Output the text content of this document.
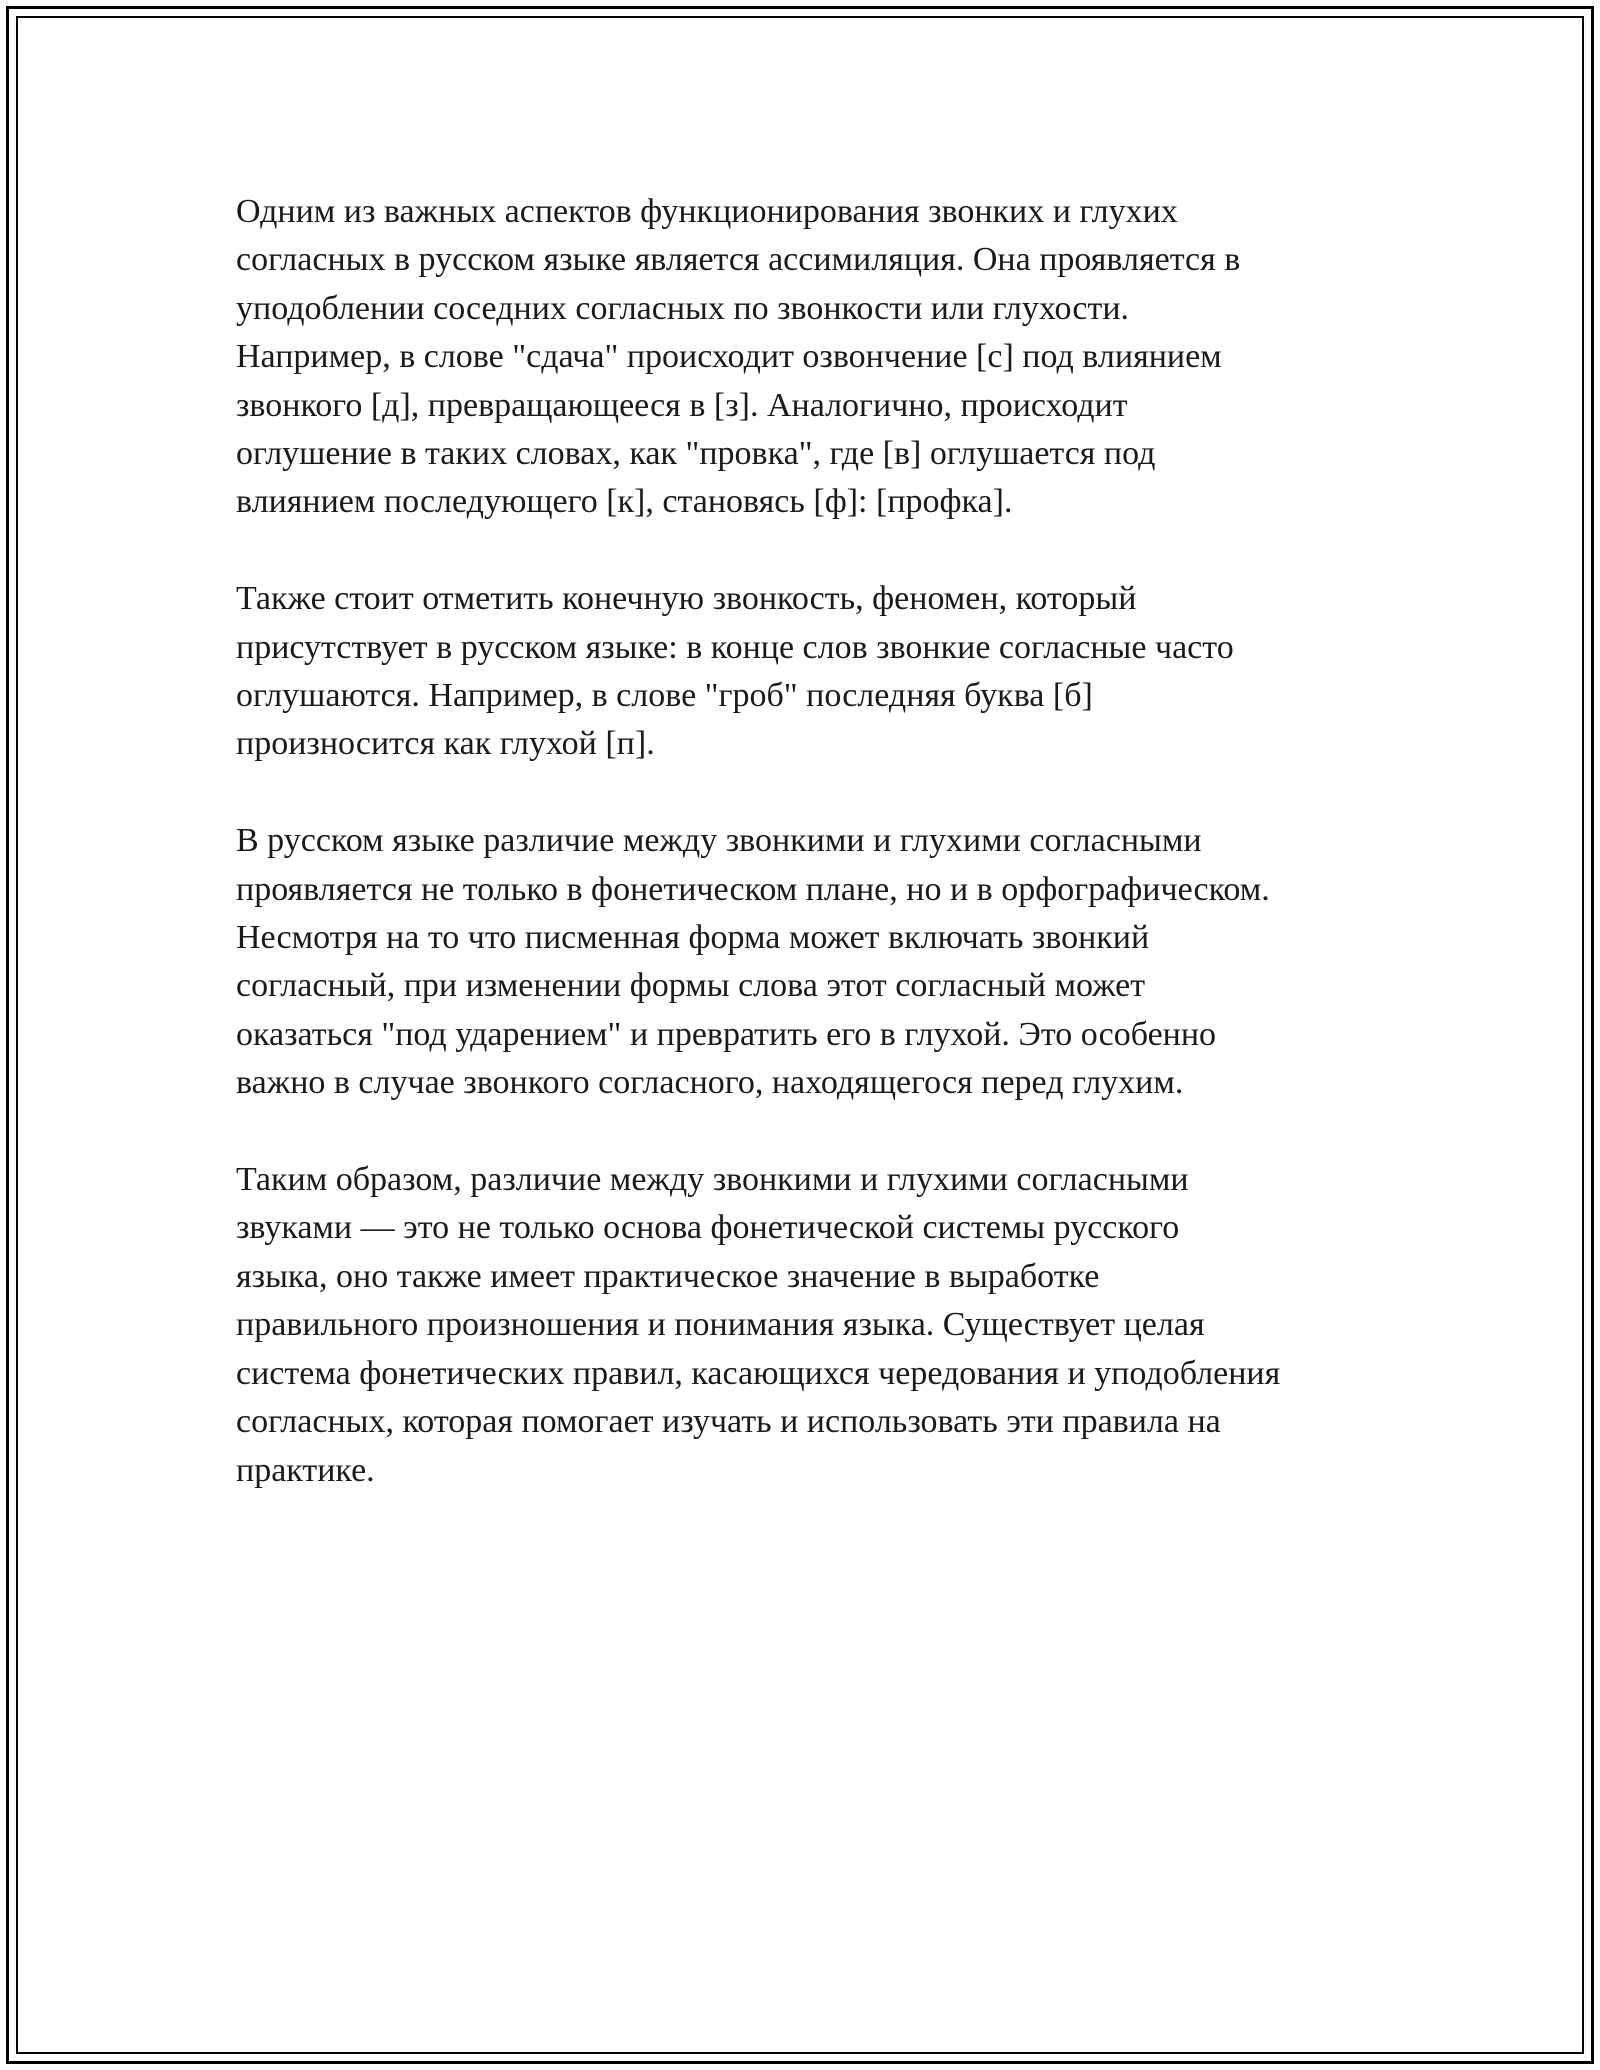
Одним из важных аспектов функционирования звонких и глухих
согласных в русском языке является ассимиляция. Она проявляется в
уподоблении соседних согласных по звонкости или глухости.
Например, в слове "сдача" происходит озвончение [с] под влиянием
звонкого [д], превращающееся в [з]. Аналогично, происходит
оглушение в таких словах, как "провка", где [в] оглушается под
влиянием последующего [к], становясь [ф]: [профка].

Также стоит отметить конечную звонкость, феномен, который
присутствует в русском языке: в конце слов звонкие согласные часто
оглушаются. Например, в слове "гроб" последняя буква [б]
произносится как глухой [п].

В русском языке различие между звонкими и глухими согласными
проявляется не только в фонетическом плане, но и в орфографическом.
Несмотря на то что писменная форма может включать звонкий
согласный, при изменении формы слова этот согласный может
оказаться "под ударением" и превратить его в глухой. Это особенно
важно в случае звонкого согласного, находящегося перед глухим.

Таким образом, различие между звонкими и глухими согласными
звуками — это не только основа фонетической системы русского
языка, оно также имеет практическое значение в выработке
правильного произношения и понимания языка. Существует целая
система фонетических правил, касающихся чередования и уподобления
согласных, которая помогает изучать и использовать эти правила на
практике.
